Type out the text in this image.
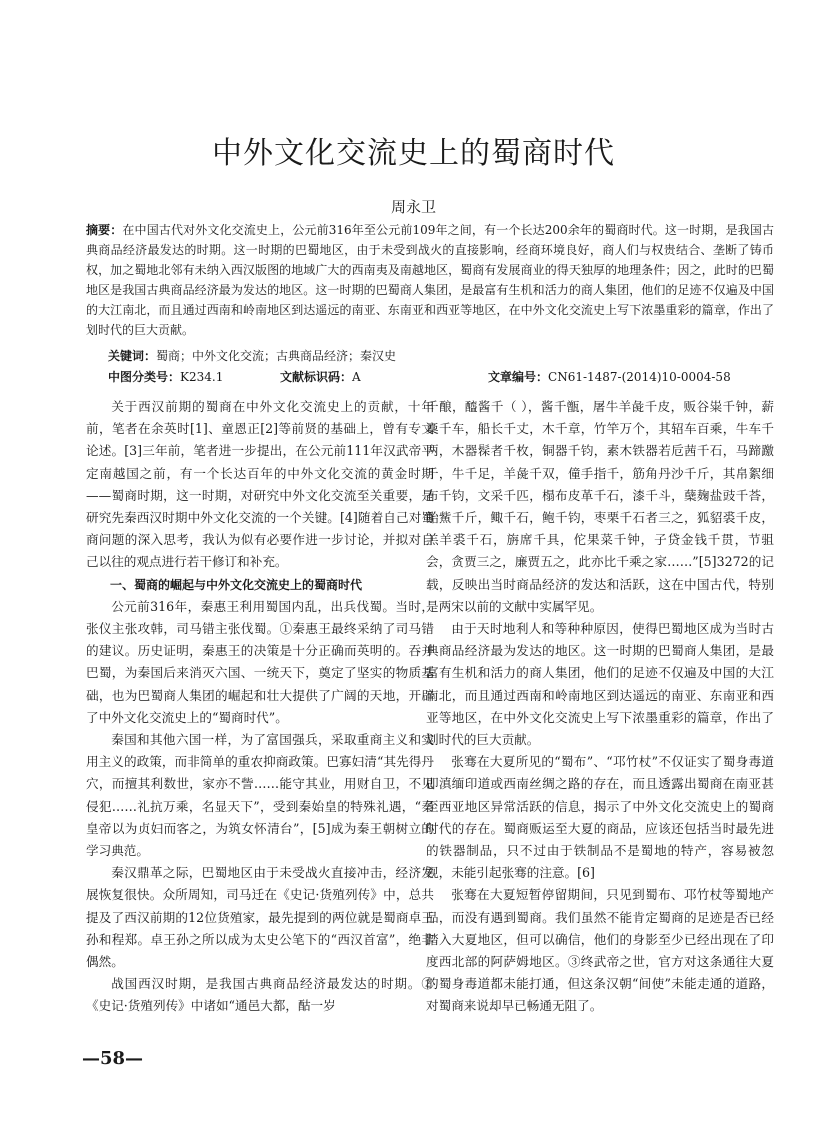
中外文化交流史上的蜀商时代
周永卫
摘要：在中国古代对外文化交流史上，公元前316年至公元前109年之间，有一个长达200余年的蜀商时代。这一时期，是我国古典商品经济最发达的时期。这一时期的巴蜀地区，由于未受到战火的直接影响，经商环境良好，商人们与权贵结合、垄断了铸币权，加之蜀地北邻有未纳入西汉版图的地域广大的西南夷及南越地区，蜀商有发展商业的得天独厚的地理条件；因之，此时的巴蜀地区是我国古典商品经济最为发达的地区。这一时期的巴蜀商人集团，是最富有生机和活力的商人集团，他们的足迹不仅遍及中国的大江南北，而且通过西南和岭南地区到达遥远的南亚、东南亚和西亚等地区，在中外文化交流史上写下浓墨重彩的篇章，作出了划时代的巨大贡献。
关键词：蜀商；中外文化交流；古典商品经济；秦汉史
中图分类号：K234.1	文献标识码：A	文章编号：CN61-1487-(2014)10-0004-58

关于西汉前期的蜀商在中外文化交流史上的贡献，十年前，笔者在余英时[1]、童恩正[2]等前贤的基础上，曾有专文论述。[3]三年前，笔者进一步提出，在公元前111年汉武帝平定南越国之前，有一个长达百年的中外文化交流的黄金时期——蜀商时期，这一时期，对研究中外文化交流至关重要，是研究先秦西汉时期中外文化交流的一个关键。[4]随着自己对蜀商问题的深入思考，我认为似有必要作进一步讨论，并拟对自己以往的观点进行若干修订和补充。

一、蜀商的崛起与中外文化交流史上的蜀商时代

公元前316年，秦惠王利用蜀国内乱，出兵伐蜀。当时，张仪主张攻韩，司马错主张伐蜀。①秦惠王最终采纳了司马错的建议。历史证明，秦惠王的决策是十分正确而英明的。吞并巴蜀，为秦国后来消灭六国、一统天下，奠定了坚实的物质基础，也为巴蜀商人集团的崛起和壮大提供了广阔的天地，开辟了中外文化交流史上的“蜀商时代”。

秦国和其他六国一样，为了富国强兵，采取重商主义和实用主义的政策，而非简单的重农抑商政策。巴寡妇清“其先得丹穴，而擅其利数世，家亦不訾……能守其业，用财自卫，不见侵犯……礼抗万乘，名显天下”，受到秦始皇的特殊礼遇，“秦皇帝以为贞妇而客之，为筑女怀清台”，[5]成为秦王朝树立的学习典范。

秦汉鼎革之际，巴蜀地区由于未受战火直接冲击，经济发展恢复很快。众所周知，司马迁在《史记·货殖列传》中，总共提及了西汉前期的12位货殖家，最先提到的两位就是蜀商卓王孙和程郑。卓王孙之所以成为太史公笔下的“西汉首富”，绝非偶然。

战国西汉时期，是我国古典商品经济最发达的时期。②《史记·货殖列传》中诸如“通邑大都，酤一岁

千酿，醯酱千（ ），酱千甑，屠牛羊彘千皮，贩谷粜千钟，薪稾千车，船长千丈，木千章，竹竿万个，其轺车百乘，牛车千两，木器髹者千枚，铜器千钧，素木铁器若卮茜千石，马蹄躈千，牛千足，羊彘千双，僮手指千，筋角丹沙千斤，其帛絮细布千钧，文采千匹，榻布皮革千石，漆千斗，蘖麹盐豉千荅，鲐鮆千斤，鲰千石，鲍千钧，枣栗千石者三之，狐貂裘千皮，羔羊裘千石，旃席千具，佗果菜千钟，子贷金钱千贯，节驵会，贪贾三之，廉贾五之，此亦比千乘之家……”[5]3272的记载，反映出当时商品经济的发达和活跃，这在中国古代，特别是两宋以前的文献中实属罕见。

由于天时地利人和等种种原因，使得巴蜀地区成为当时古典商品经济最为发达的地区。这一时期的巴蜀商人集团，是最富有生机和活力的商人集团，他们的足迹不仅遍及中国的大江南北，而且通过西南和岭南地区到达遥远的南亚、东南亚和西亚等地区，在中外文化交流史上写下浓墨重彩的篇章，作出了划时代的巨大贡献。

张骞在大夏所见的“蜀布”、“邛竹杖”不仅证实了蜀身毒道即滇缅印道或西南丝绸之路的存在，而且透露出蜀商在南亚甚至西亚地区异常活跃的信息，揭示了中外文化交流史上的蜀商时代的存在。蜀商贩运至大夏的商品，应该还包括当时最先进的铁器制品，只不过由于铁制品不是蜀地的特产，容易被忽视，未能引起张骞的注意。[6]

张骞在大夏短暂停留期间，只见到蜀布、邛竹杖等蜀地产品，而没有遇到蜀商。我们虽然不能肯定蜀商的足迹是否已经踏入大夏地区，但可以确信，他们的身影至少已经出现在了印度西北部的阿萨姆地区。③终武帝之世，官方对这条通往大夏的蜀身毒道都未能打通，但这条汉朝“间使”未能走通的道路，对蜀商来说却早已畅通无阻了。

—58—
